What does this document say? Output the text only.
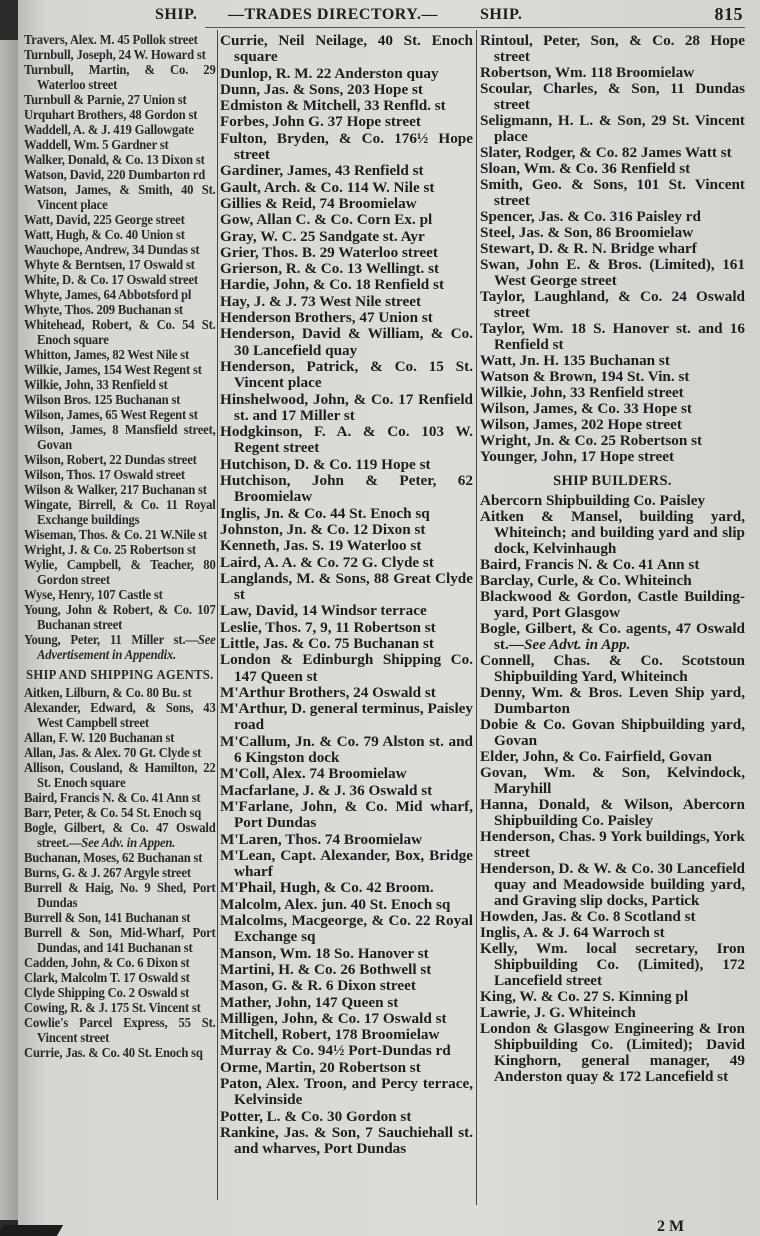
SHIP. —TRADES DIRECTORY.—	SHIP.	815
Travers, Alex. M. 45 Pollok street
Turnbull, Joseph, 24 W. Howard st
Turnbull, Martin, & Co. 29 Waterloo street
Turnbull & Parnie, 27 Union st
Urquhart Brothers, 48 Gordon st
Waddell, A. & J. 419 Gallowgate
Waddell, Wm. 5 Gardner st
Walker, Donald, & Co. 13 Dixon st
Watson, David, 220 Dumbarton rd
Watson, James, & Smith, 40 St. Vincent place
Watt, David, 225 George street
Watt, Hugh, & Co. 40 Union st
Wauchope, Andrew, 34 Dundas st
Whyte & Berntsen, 17 Oswald st
White, D. & Co. 17 Oswald street
Whyte, James, 64 Abbotsford pl
Whyte, Thos. 209 Buchanan st
Whitehead, Robert, & Co. 54 St. Enoch square
Whitton, James, 82 West Nile st
Wilkie, James, 154 West Regent st
Wilkie, John, 33 Renfield st
Wilson Bros. 125 Buchanan st
Wilson, James, 65 West Regent st
Wilson, James, 8 Mansfield street, Govan
Wilson, Robert, 22 Dundas street
Wilson, Thos. 17 Oswald street
Wilson & Walker, 217 Buchanan st
Wingate, Birrell, & Co. 11 Royal Exchange buildings
Wiseman, Thos. & Co. 21 W.Nile st
Wright, J. & Co. 25 Robertson st
Wylie, Campbell, & Teacher, 80 Gordon street
Wyse, Henry, 107 Castle st
Young, John & Robert, & Co. 107 Buchanan street
Young, Peter, 11 Miller st.—See Advertisement in Appendix.
SHIP AND SHIPPING AGENTS.
Aitken, Lilburn, & Co. 80 Bu. st
Alexander, Edward, & Sons, 43 West Campbell street
Allan, F. W. 120 Buchanan st
Allan, Jas. & Alex. 70 Gt. Clyde st
Allison, Cousland, & Hamilton, 22 St. Enoch square
Baird, Francis N. & Co. 41 Ann st
Barr, Peter, & Co. 54 St. Enoch sq
Bogle, Gilbert, & Co. 47 Oswald street.—See Adv. in Appen.
Buchanan, Moses, 62 Buchanan st
Burns, G. & J. 267 Argyle street
Burrell & Haig, No. 9 Shed, Port Dundas
Burrell & Son, 141 Buchanan st
Burrell & Son, Mid-Wharf, Port Dundas, and 141 Buchanan st
Cadden, John, & Co. 6 Dixon st
Clark, Malcolm T. 17 Oswald st
Clyde Shipping Co. 2 Oswald st
Cowing, R. & J. 175 St. Vincent st
Cowlie's Parcel Express, 55 St. Vincent street
Currie, Jas. & Co. 40 St. Enoch sq
Currie, Neil Neilage, 40 St. Enoch square
Dunlop, R. M. 22 Anderston quay
Dunn, Jas. & Sons, 203 Hope st
Edmiston & Mitchell, 33 Renfld. st
Forbes, John G. 37 Hope street
Fulton, Bryden, & Co. 176½ Hope street
Gardiner, James, 43 Renfield st
Gault, Arch. & Co. 114 W. Nile st
Gillies & Reid, 74 Broomielaw
Gow, Allan C. & Co. Corn Ex. pl
Gray, W. C. 25 Sandgate st. Ayr
Grier, Thos. B. 29 Waterloo street
Grierson, R. & Co. 13 Wellingt. st
Hardie, John, & Co. 18 Renfield st
Hay, J. & J. 73 West Nile street
Henderson Brothers, 47 Union st
Henderson, David & William, & Co. 30 Lancefield quay
Henderson, Patrick, & Co. 15 St. Vincent place
Hinshelwood, John, & Co. 17 Renfield st. and 17 Miller st
Hodgkinson, F. A. & Co. 103 W. Regent street
Hutchison, D. & Co. 119 Hope st
Hutchison, John & Peter, 62 Broomielaw
Inglis, Jn. & Co. 44 St. Enoch sq
Johnston, Jn. & Co. 12 Dixon st
Kenneth, Jas. S. 19 Waterloo st
Laird, A. A. & Co. 72 G. Clyde st
Langlands, M. & Sons, 88 Great Clyde st
Law, David, 14 Windsor terrace
Leslie, Thos. 7, 9, 11 Robertson st
Little, Jas. & Co. 75 Buchanan st
London & Edinburgh Shipping Co. 147 Queen st
M'Arthur Brothers, 24 Oswald st
M'Arthur, D. general terminus, Paisley road
M'Callum, Jn. & Co. 79 Alston st. and 6 Kingston dock
M'Coll, Alex. 74 Broomielaw
Macfarlane, J. & J. 36 Oswald st
M'Farlane, John, & Co. Mid wharf, Port Dundas
M'Laren, Thos. 74 Broomielaw
M'Lean, Capt. Alexander, Box, Bridge wharf
M'Phail, Hugh, & Co. 42 Broom.
Malcolm, Alex. jun. 40 St. Enoch sq
Malcolms, Macgeorge, & Co. 22 Royal Exchange sq
Manson, Wm. 18 So. Hanover st
Martini, H. & Co. 26 Bothwell st
Mason, G. & R. 6 Dixon street
Mather, John, 147 Queen st
Milligen, John, & Co. 17 Oswald st
Mitchell, Robert, 178 Broomielaw
Murray & Co. 94½ Port-Dundas rd
Orme, Martin, 20 Robertson st
Paton, Alex. Troon, and Percy terrace, Kelvinside
Potter, L. & Co. 30 Gordon st
Rankine, Jas. & Son, 7 Sauchiehall st. and wharves, Port Dundas
Rintoul, Peter, Son, & Co. 28 Hope street
Robertson, Wm. 118 Broomielaw
Scoular, Charles, & Son, 11 Dundas street
Seligmann, H. L. & Son, 29 St. Vincent place
Slater, Rodger, & Co. 82 James Watt st
Sloan, Wm. & Co. 36 Renfield st
Smith, Geo. & Sons, 101 St. Vincent street
Spencer, Jas. & Co. 316 Paisley rd
Steel, Jas. & Son, 86 Broomielaw
Stewart, D. & R. N. Bridge wharf
Swan, John E. & Bros. (Limited), 161 West George street
Taylor, Laughland, & Co. 24 Oswald street
Taylor, Wm. 18 S. Hanover st. and 16 Renfield st
Watt, Jn. H. 135 Buchanan st
Watson & Brown, 194 St. Vin. st
Wilkie, John, 33 Renfield street
Wilson, James, & Co. 33 Hope st
Wilson, James, 202 Hope street
Wright, Jn. & Co. 25 Robertson st
Younger, John, 17 Hope street
SHIP BUILDERS.
Abercorn Shipbuilding Co. Paisley
Aitken & Mansel, building yard, Whiteinch; and building yard and slip dock, Kelvinhaugh
Baird, Francis N. & Co. 41 Ann st
Barclay, Curle, & Co. Whiteinch
Blackwood & Gordon, Castle Building-yard, Port Glasgow
Bogle, Gilbert, & Co. agents, 47 Oswald st.—See Advt. in App.
Connell, Chas. & Co. Scotstoun Shipbuilding Yard, Whiteinch
Denny, Wm. & Bros. Leven Ship yard, Dumbarton
Dobie & Co. Govan Shipbuilding yard, Govan
Elder, John, & Co. Fairfield, Govan
Govan, Wm. & Son, Kelvindock, Maryhill
Hanna, Donald, & Wilson, Abercorn Shipbuilding Co. Paisley
Henderson, Chas. 9 York buildings, York street
Henderson, D. & W. & Co. 30 Lancefield quay and Meadowside building yard, and Graving slip docks, Partick
Howden, Jas. & Co. 8 Scotland st
Inglis, A. & J. 64 Warroch st
Kelly, Wm. local secretary, Iron Shipbuilding Co. (Limited), 172 Lancefield street
King, W. & Co. 27 S. Kinning pl
Lawrie, J. G. Whiteinch
London & Glasgow Engineering & Iron Shipbuilding Co. (Limited); David Kinghorn, general manager, 49 Anderston quay & 172 Lancefield st
2 M
